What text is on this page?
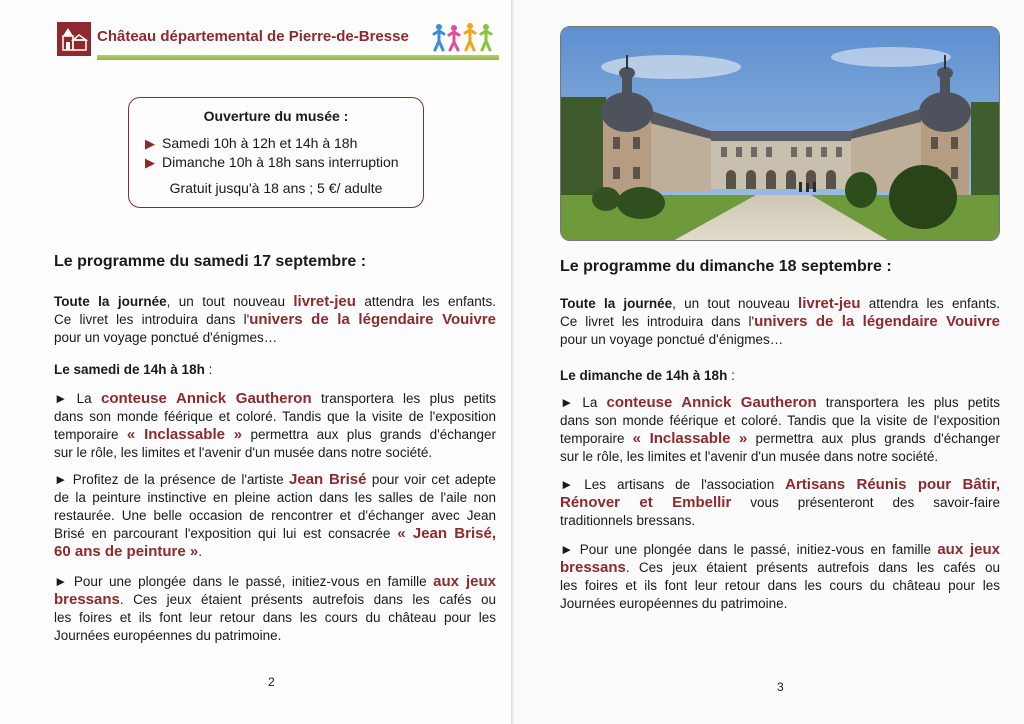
Château départemental de Pierre-de-Bresse
Ouverture du musée :
▶ Samedi 10h à 12h et 14h à 18h
▶ Dimanche 10h à 18h sans interruption
Gratuit jusqu'à 18 ans ; 5 €/ adulte
Le programme du samedi 17 septembre :
Toute la journée, un tout nouveau livret-jeu attendra les enfants.
Ce livret les introduira dans l'univers de la légendaire Vouivre
pour un voyage ponctué d'énigmes…
Le samedi de 14h à 18h :
► La conteuse Annick Gautheron transportera les plus petits
dans son monde féérique et coloré. Tandis que la visite de l'exposition
temporaire « Inclassable » permettra aux plus grands d'échanger
sur le rôle, les limites et l'avenir d'un musée dans notre société.
► Profitez de la présence de l'artiste Jean Brisé pour voir cet adepte
de la peinture instinctive en pleine action dans les salles de l'aile non
restaurée. Une belle occasion de rencontrer et d'échanger avec Jean
Brisé en parcourant l'exposition qui lui est consacrée « Jean Brisé,
60 ans de peinture ».
► Pour une plongée dans le passé, initiez-vous en famille aux jeux
bressans. Ces jeux étaient présents autrefois dans les cafés ou
les foires et ils font leur retour dans les cours du château pour les
Journées européennes du patrimoine.
2
Le programme du dimanche 18 septembre :
Toute la journée, un tout nouveau livret-jeu attendra les enfants.
Ce livret les introduira dans l'univers de la légendaire Vouivre
pour un voyage ponctué d'énigmes…
Le dimanche de 14h à 18h :
► La conteuse Annick Gautheron transportera les plus petits
dans son monde féérique et coloré. Tandis que la visite de l'exposition
temporaire « Inclassable » permettra aux plus grands d'échanger
sur le rôle, les limites et l'avenir d'un musée dans notre société.
► Les artisans de l'association Artisans Réunis pour Bâtir,
Rénover et Embellir vous présenteront des savoir-faire
traditionnels bressans.
► Pour une plongée dans le passé, initiez-vous en famille aux jeux
bressans. Ces jeux étaient présents autrefois dans les cafés ou
les foires et ils font leur retour dans les cours du château pour les
Journées européennes du patrimoine.
3
